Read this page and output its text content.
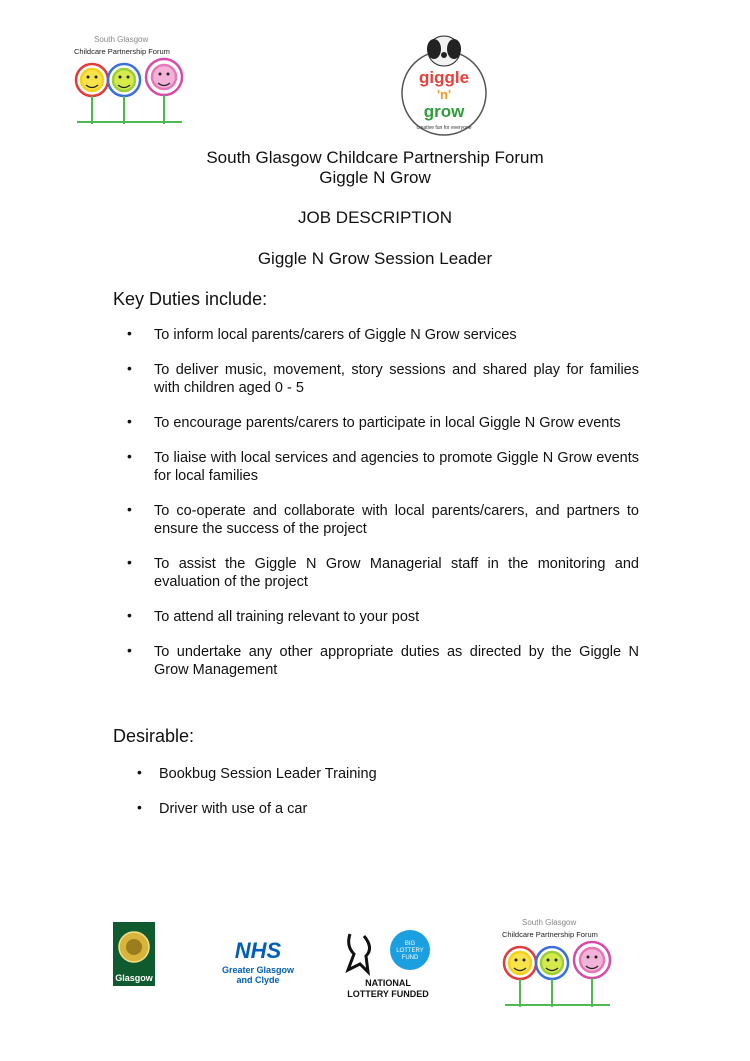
South Glasgow
Childcare Partnership Forum
giggle
'n'
grow
creative fun for everyone
South Glasgow Childcare Partnership Forum
Giggle N Grow
JOB DESCRIPTION
Giggle N Grow Session Leader
Key Duties include:
• To inform local parents/carers of Giggle N Grow services
• To deliver music, movement, story sessions and shared play for families with children aged 0 - 5
• To encourage parents/carers to participate in local Giggle N Grow events
• To liaise with local services and agencies to promote Giggle N Grow events for local families
• To co-operate and collaborate with local parents/carers, and partners to ensure the success of the project
• To assist the Giggle N Grow Managerial staff in the monitoring and evaluation of the project
• To attend all training relevant to your post
• To undertake any other appropriate duties as directed by the Giggle N Grow Management
Desirable:
• Bookbug Session Leader Training
• Driver with use of a car
Glasgow
NHS
Greater Glasgow
and Clyde
BIG
LOTTERY
FUND
NATIONAL
LOTTERY FUNDED
South Glasgow
Childcare Partnership Forum
